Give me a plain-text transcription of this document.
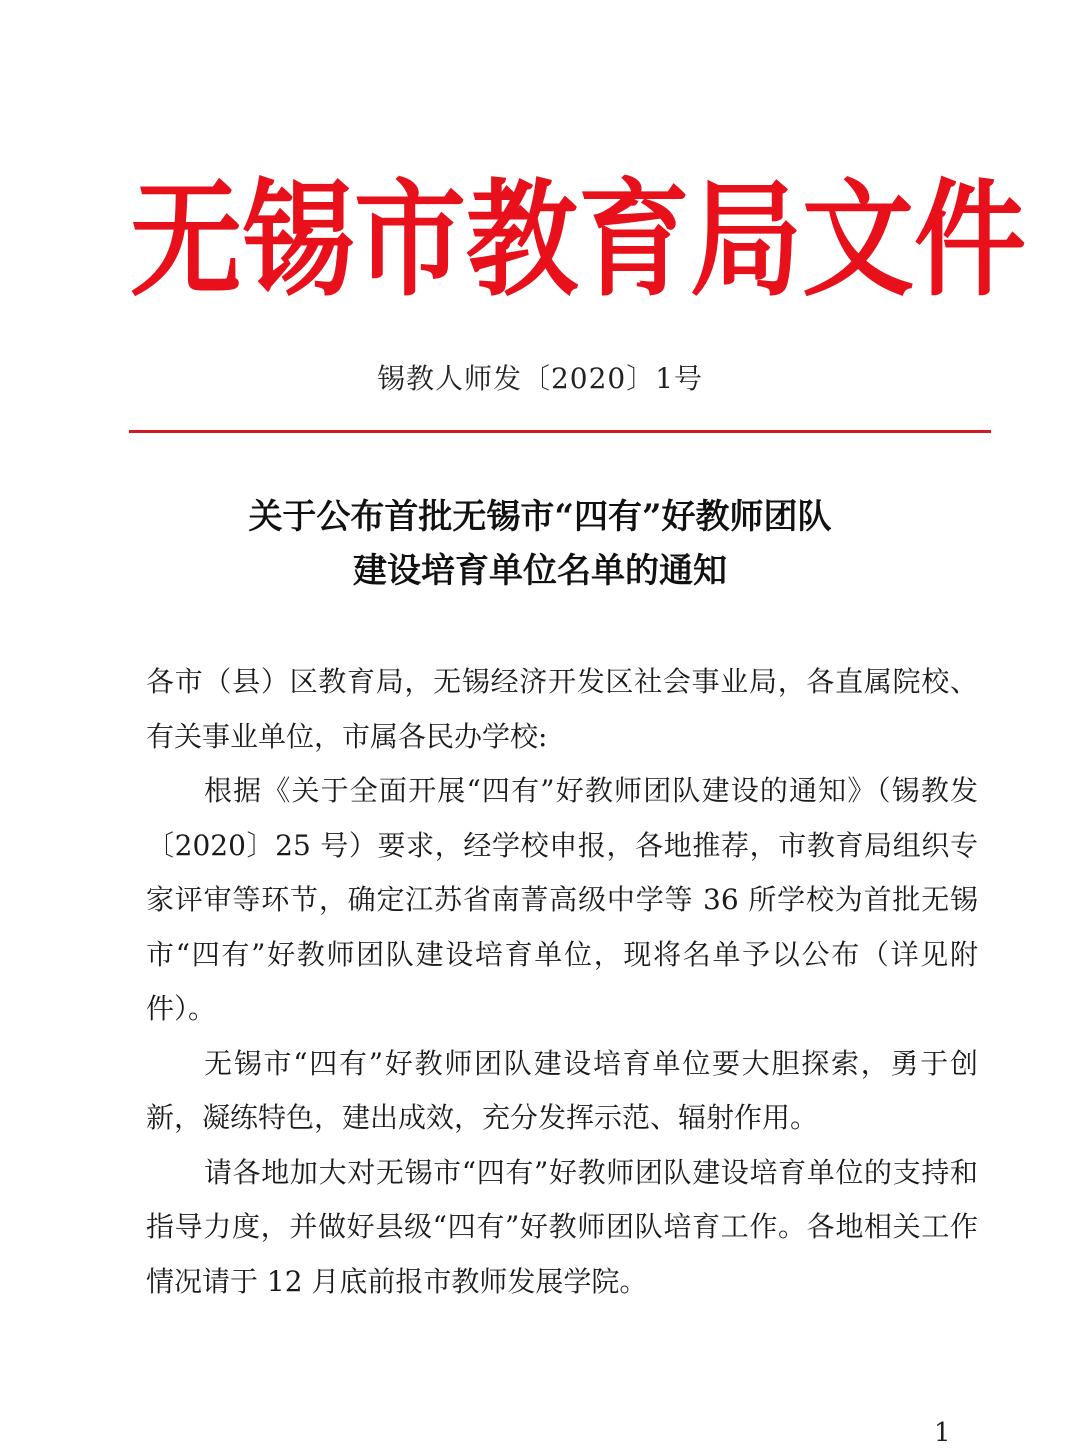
无 锡 市 教 育 局 文 件
锡教人师发〔2020〕1号
关于公布首批无锡市“四有”好教师团队
建设培育单位名单的通知

各市（县）区教育局，无锡经济开发区社会事业局，各直属院校、有关事业单位，市属各民办学校:

根据《关于全面开展“四有”好教师团队建设的通知》（锡教发〔2020〕25 号）要求，经学校申报，各地推荐，市教育局组织专家评审等环节，确定江苏省南菁高级中学等 36 所学校为首批无锡市“四有”好教师团队建设培育单位，现将名单予以公布（详见附件）。

无锡市“四有”好教师团队建设培育单位要大胆探索，勇于创新，凝练特色，建出成效，充分发挥示范、辐射作用。

请各地加大对无锡市“四有”好教师团队建设培育单位的支持和指导力度，并做好县级“四有”好教师团队培育工作。各地相关工作情况请于 12 月底前报市教师发展学院。

1
